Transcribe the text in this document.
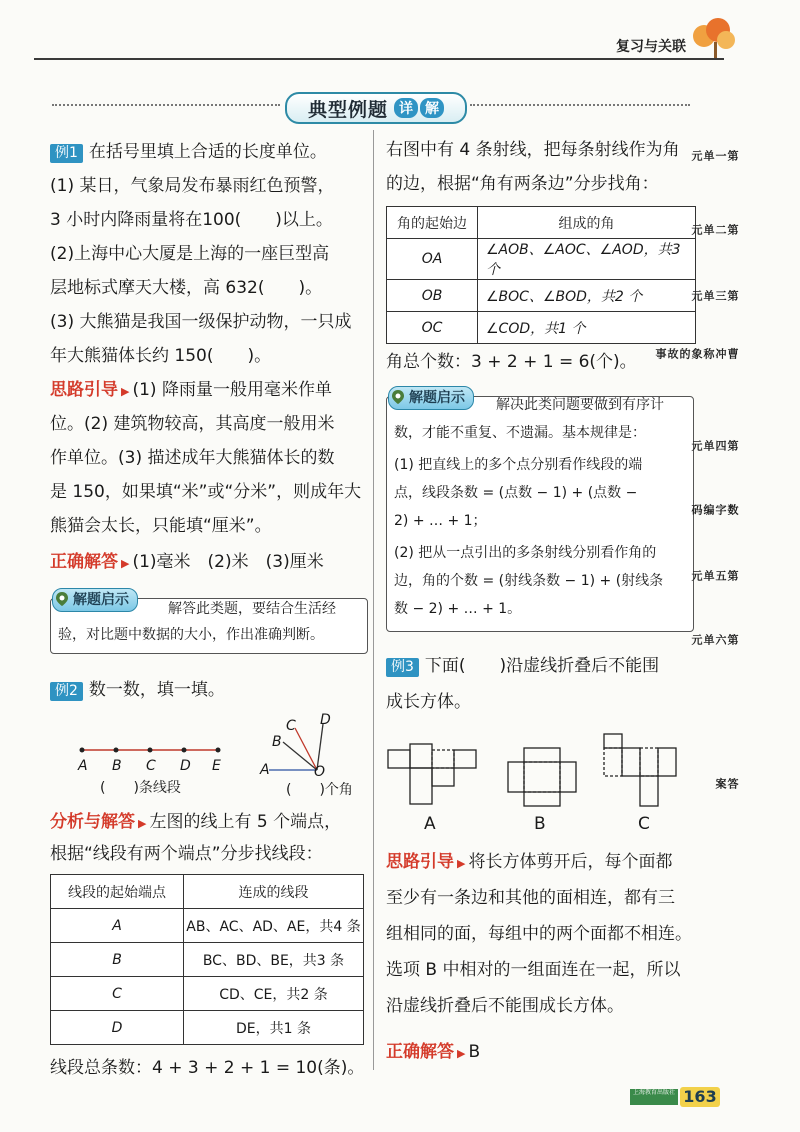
复习与关联
典型例题 详 解
例1 在括号里填上合适的长度单位。
(1) 某日，气象局发布暴雨红色预警，
3 小时内降雨量将在100(　　)以上。
(2)上海中心大厦是上海的一座巨型高
层地标式摩天大楼，高 632(　　)。
(3) 大熊猫是我国一级保护动物，一只成
年大熊猫体长约 150(　　)。
思路引导 ▶ (1) 降雨量一般用毫米作单
位。(2) 建筑物较高，其高度一般用米
作单位。(3) 描述成年大熊猫体长的数
是 150，如果填“米”或“分米”，则成年大
熊猫会太长，只能填“厘米”。
正确解答 ▶ (1)毫米　(2)米　(3)厘米
解题启示
解答此类题，要结合生活经
验，对比题中数据的大小，作出准确判断。
例2 数一数，填一填。
A B C D E
(　　)条线段
C D
B
A	O
(　　)个角
分析与解答 ▶ 左图的线上有 5 个端点，
根据“线段有两个端点”分步找线段：
线段的起始端点	连成的线段
A	AB、AC、AD、AE，共4 条
B	BC、BD、BE，共3 条
C	CD、CE，共2 条
D	DE，共1 条
线段总条数：4 + 3 + 2 + 1 = 10(条)。
右图中有 4 条射线，把每条射线作为角
的边，根据“角有两条边”分步找角：
角的起始边	组成的角
OA	∠AOB、∠AOC、∠AOD，共3 个
OB	∠BOC、∠BOD，共2 个
OC	∠COD，共1 个
角总个数：3 + 2 + 1 = 6(个)。
解题启示	解决此类问题要做到有序计
数，才能不重复、不遗漏。基本规律是：
(1) 把直线上的多个点分别看作线段的端
点，线段条数 = (点数 − 1) + (点数 −
2) + … + 1；
(2) 把从一点引出的多条射线分别看作角的
边，角的个数 = (射线条数 − 1) + (射线条
数 − 2) + … + 1。
例3 下面(　　)沿虚线折叠后不能围
成长方体。
A	B	C
思路引导 ▶ 将长方体剪开后，每个面都
至少有一条边和其他的面相连，都有三
组相同的面，每组中的两个面都不相连。
选项 B 中相对的一组面连在一起，所以
沿虚线折叠后不能围成长方体。
正确解答 ▶ B
第一单元
第二单元
第三单元
曹冲称象的故事
第四单元
数字编码
第五单元
第六单元
答案
上海教育出版社 163
